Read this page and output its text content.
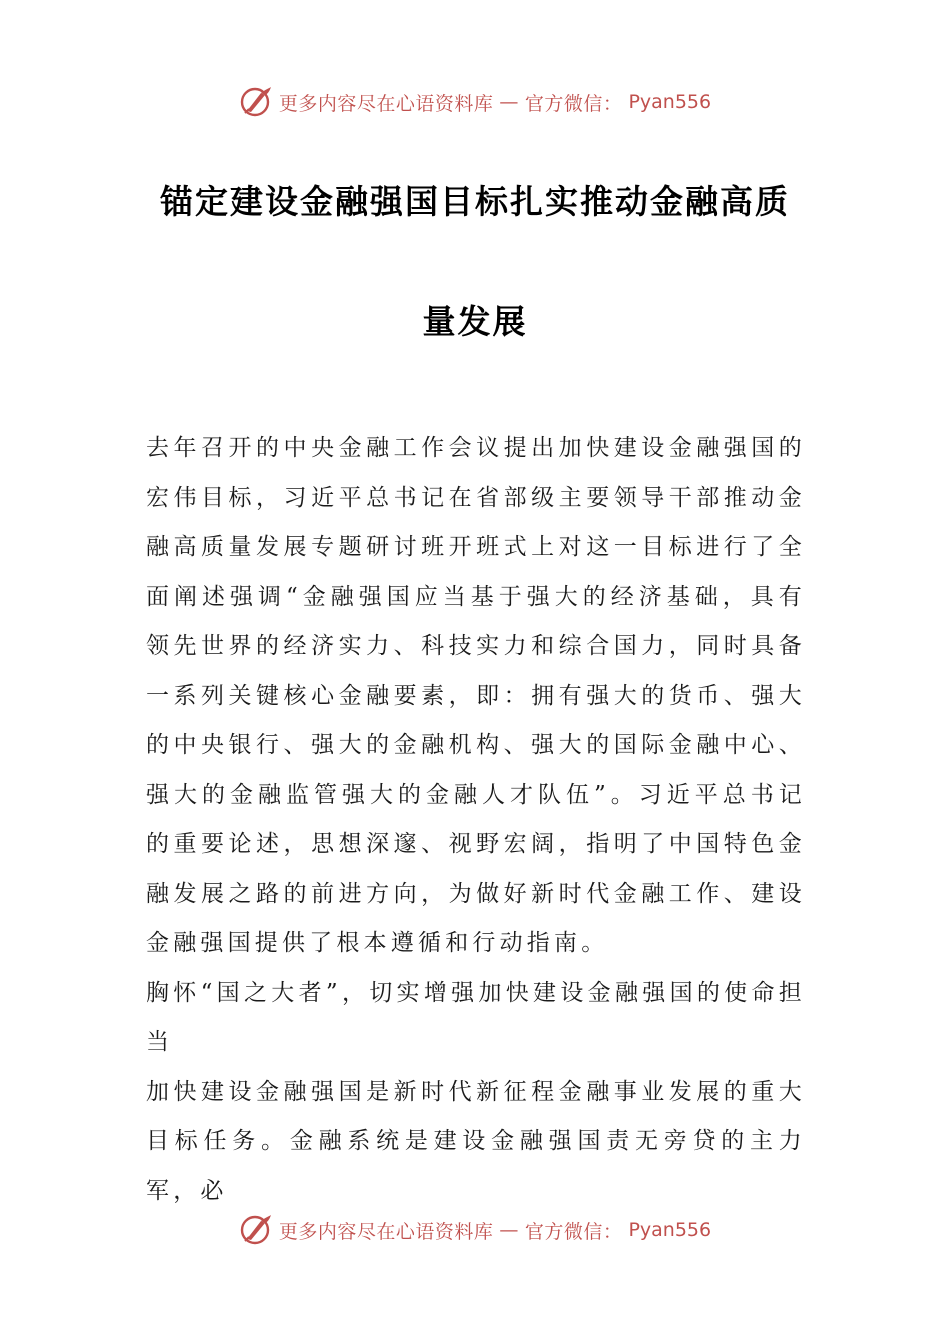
更多内容尽在心语资料库 — 官方微信： Pyan556
锚定建设金融强国目标扎实推动金融高质
量发展

去年召开的中央金融工作会议提出加快建设金融强国的宏伟目标，习近平总书记在省部级主要领导干部推动金融高质量发展专题研讨班开班式上对这一目标进行了全面阐述强调“金融强国应当基于强大的经济基础，具有领先世界的经济实力、科技实力和综合国力，同时具备一系列关键核心金融要素，即：拥有强大的货币、强大的中央银行、强大的金融机构、强大的国际金融中心、强大的金融监管强大的金融人才队伍”。习近平总书记的重要论述，思想深邃、视野宏阔，指明了中国特色金融发展之路的前进方向，为做好新时代金融工作、建设金融强国提供了根本遵循和行动指南。

胸怀“国之大者”，切实增强加快建设金融强国的使命担当

加快建设金融强国是新时代新征程金融事业发展的重大目标任务。金融系统是建设金融强国责无旁贷的主力军，必

更多内容尽在心语资料库 — 官方微信： Pyan556
